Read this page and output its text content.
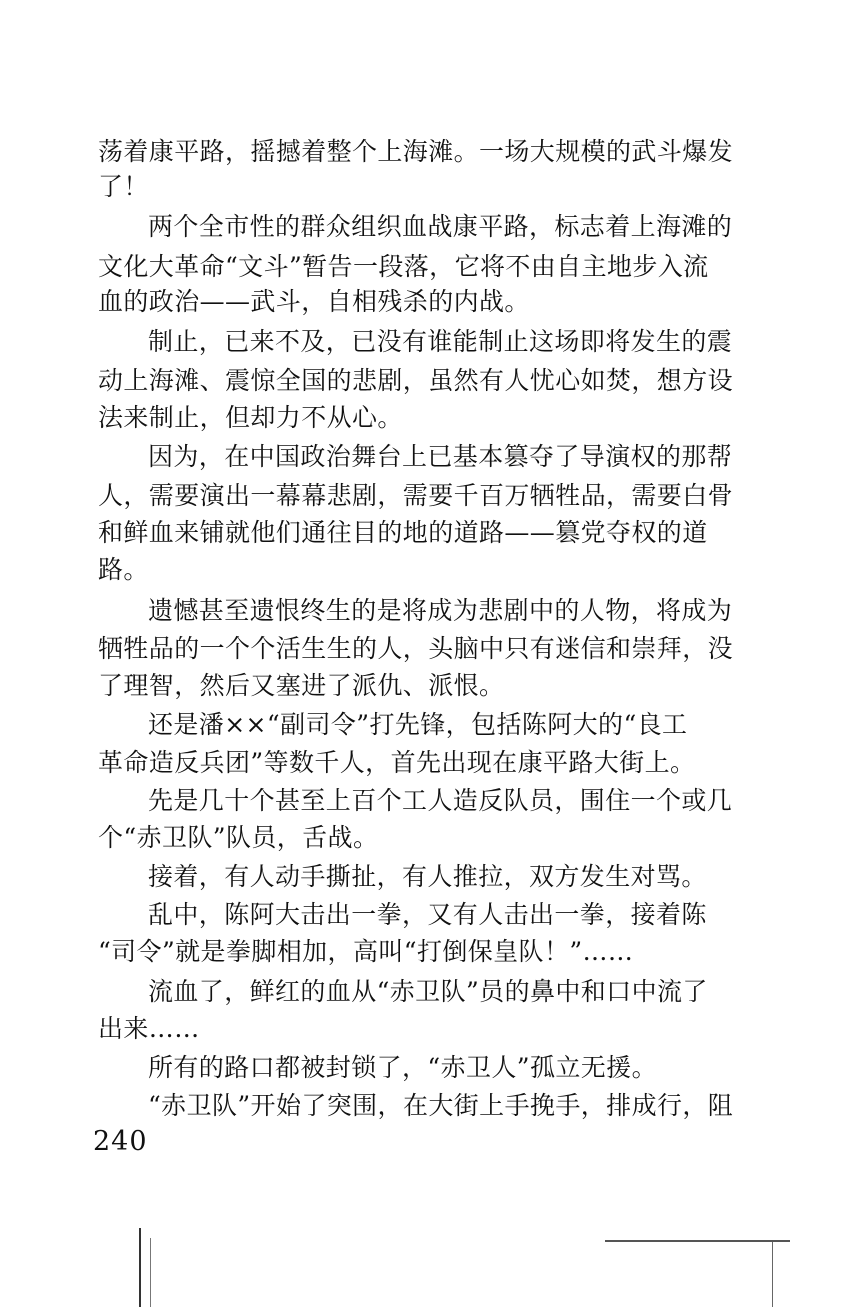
荡着康平路，摇撼着整个上海滩。一场大规模的武斗爆发
了！
两个全市性的群众组织血战康平路，标志着上海滩的
文化大革命“文斗”暂告一段落，它将不由自主地步入流
血的政治——武斗，自相残杀的内战。
制止，已来不及，已没有谁能制止这场即将发生的震
动上海滩、震惊全国的悲剧，虽然有人忧心如焚，想方设
法来制止，但却力不从心。
因为，在中国政治舞台上已基本篡夺了导演权的那帮
人，需要演出一幕幕悲剧，需要千百万牺牲品，需要白骨
和鲜血来铺就他们通往目的地的道路——篡党夺权的道
路。
遗憾甚至遗恨终生的是将成为悲剧中的人物，将成为
牺牲品的一个个活生生的人，头脑中只有迷信和崇拜，没
了理智，然后又塞进了派仇、派恨。
还是潘××“副司令”打先锋，包括陈阿大的“良工
革命造反兵团”等数千人，首先出现在康平路大街上。
先是几十个甚至上百个工人造反队员，围住一个或几
个“赤卫队”队员，舌战。
接着，有人动手撕扯，有人推拉，双方发生对骂。
乱中，陈阿大击出一拳，又有人击出一拳，接着陈
“司令”就是拳脚相加，高叫“打倒保皇队！”……
流血了，鲜红的血从“赤卫队”员的鼻中和口中流了
出来……
所有的路口都被封锁了，“赤卫人”孤立无援。
“赤卫队”开始了突围，在大街上手挽手，排成行，阻
240
